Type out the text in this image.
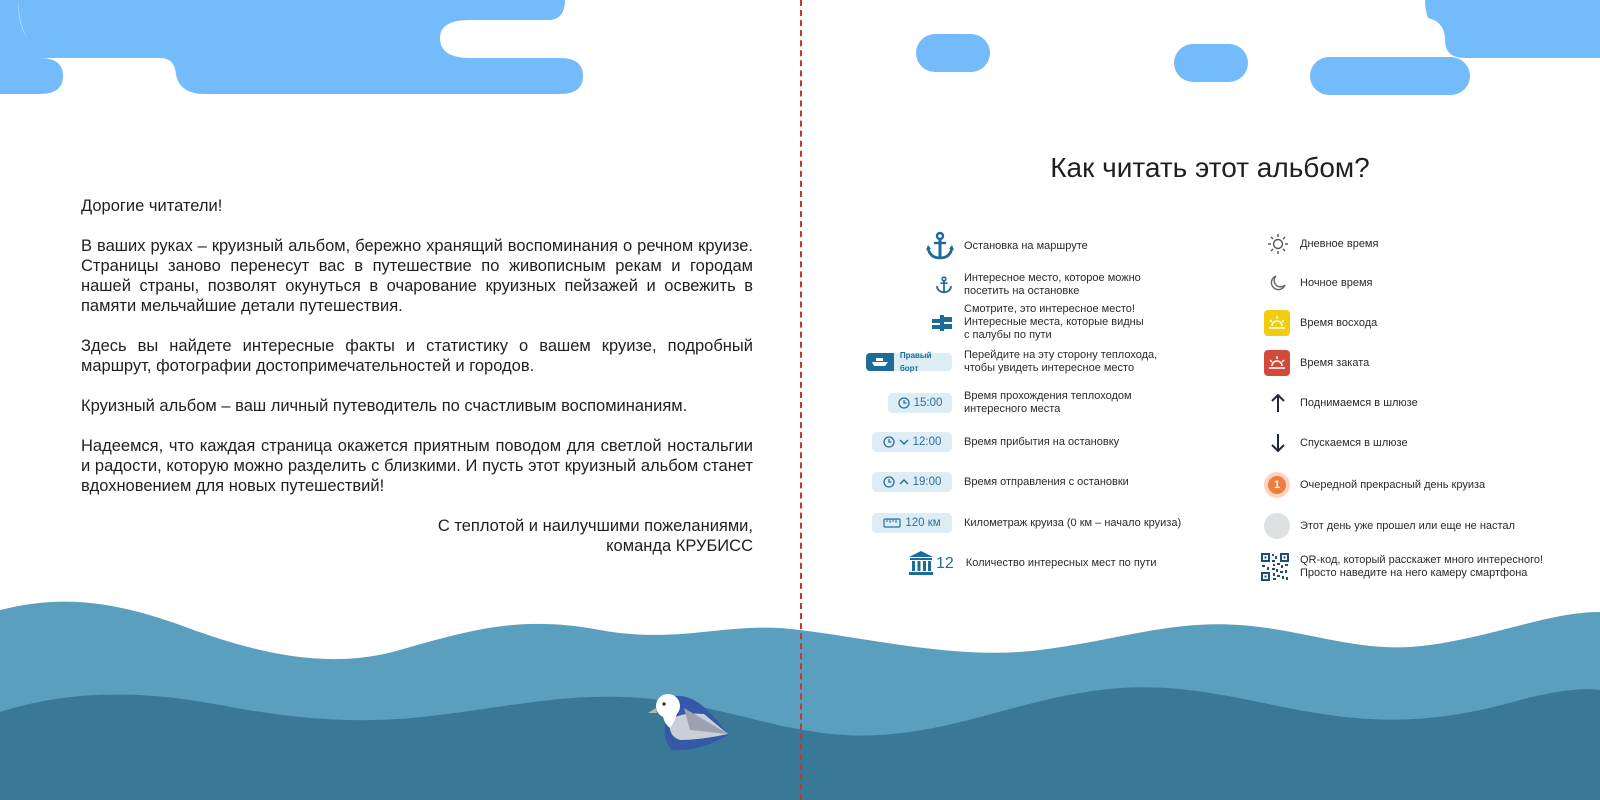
Дорогие читатели!

В ваших руках – круизный альбом, бережно хранящий воспоминания о речном круизе. Страницы заново перенесут вас в путешествие по живописным рекам и городам нашей страны, позволят окунуться в очарование круизных пейзажей и освежить в памяти мельчайшие детали путешествия.

Здесь вы найдете интересные факты и статистику о вашем круизе, подробный маршрут, фотографии достопримечательностей и городов.

Круизный альбом – ваш личный путеводитель по счастливым воспоминаниям.

Надеемся, что каждая страница окажется приятным поводом для светлой ностальгии и радости, которую можно разделить с близкими. И пусть этот круизный альбом станет вдохновением для новых путешествий!

С теплотой и наилучшими пожеланиями,

команда КРУБИСС

Как читать этот альбом?
Остановка на маршруте
Интересное место, которое можно
посетить на остановке
Смотрите, это интересное место!
Интересные места, которые видны
с палубы по пути
Правый борт
Перейдите на эту сторону теплохода,
чтобы увидеть интересное место
15:00
Время прохождения теплоходом
интересного места
12:00 Время прибытия на остановку
19:00 Время отправления с остановки
120 км Километраж круиза (0 км – начало круиза)
12 Количество интересных мест по пути
Дневное время
Ночное время
Время восхода
Время заката
Поднимаемся в шлюзе
Спускаемся в шлюзе
1	Очередной прекрасный день круиза
Этот день уже прошел или еще не настал
QR-код, который расскажет много интересного!
Просто наведите на него камеру смартфона
